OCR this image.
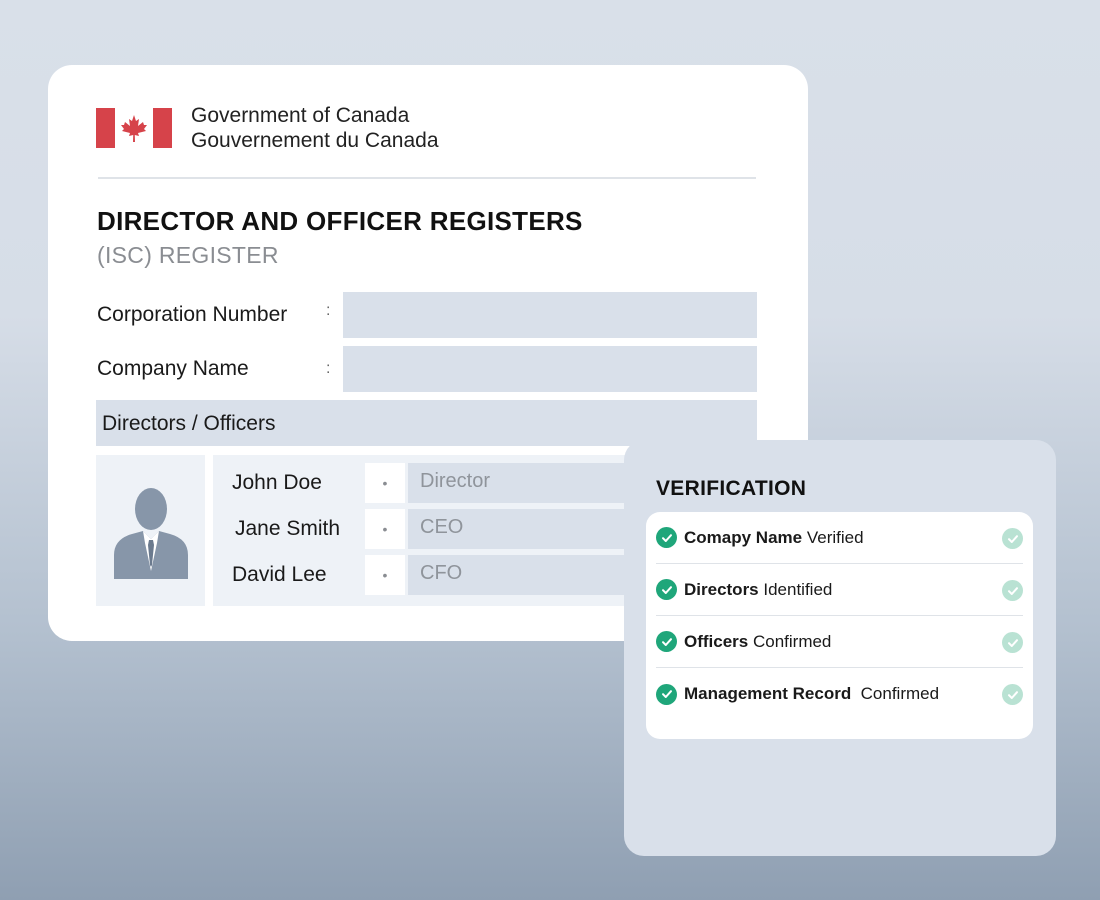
Government of Canada
Gouvernement du Canada
DIRECTOR AND OFFICER REGISTERS
(ISC) REGISTER
Corporation Number :
Company Name	:
Directors / Officers
John Doe	•	Director
Jane Smith	•	CEO
David Lee	•	CFO
VERIFICATION
Comapy Name Verified
Directors Identified
Officers Confirmed
Management Record  Confirmed
